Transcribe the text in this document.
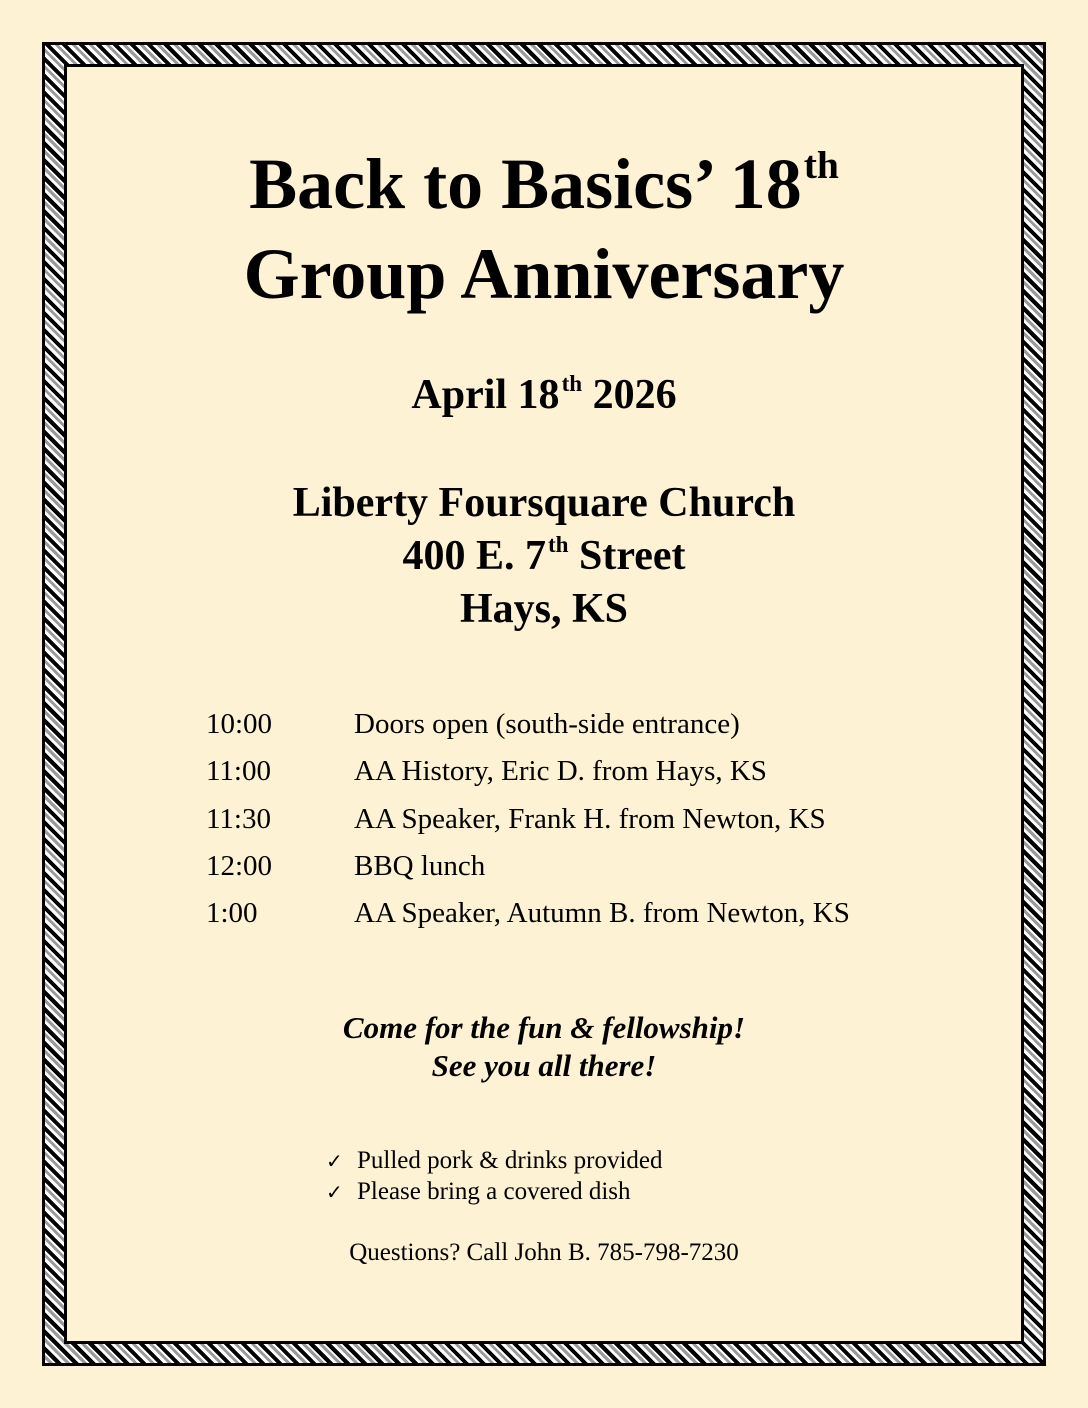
Back to Basics’ 18th
Group Anniversary
April 18th 2026
Liberty Foursquare Church
400 E. 7th Street
Hays, KS
10:00	Doors open (south-side entrance)
11:00	AA History, Eric D. from Hays, KS
11:30	AA Speaker, Frank H. from Newton, KS
12:00	BBQ lunch
1:00	AA Speaker, Autumn B. from Newton, KS
Come for the fun & fellowship!
See you all there!
✓ Pulled pork & drinks provided
✓ Please bring a covered dish
Questions? Call John B. 785-798-7230
